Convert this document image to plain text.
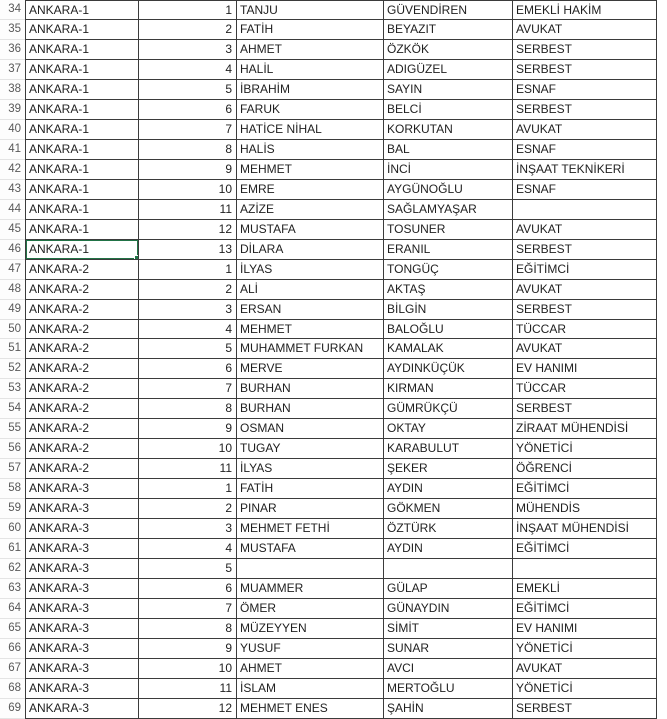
34 ANKARA-1	1 TANJU	GÜVENDİREN	EMEKLİ HAKİM
35 ANKARA-1	2 FATİH	BEYAZIT	AVUKAT
36 ANKARA-1	3 AHMET	ÖZKÖK	SERBEST
37 ANKARA-1	4 HALİL	ADIGÜZEL	SERBEST
38 ANKARA-1	5 İBRAHİM	SAYIN	ESNAF
39 ANKARA-1	6 FARUK	BELCİ	SERBEST
40 ANKARA-1	7 HATİCE NİHAL	KORKUTAN	AVUKAT
41 ANKARA-1	8 HALİS	BAL	ESNAF
42 ANKARA-1	9 MEHMET	İNCİ	İNŞAAT TEKNİKERİ
43 ANKARA-1	10 EMRE	AYGÜNOĞLU	ESNAF
44 ANKARA-1	11 AZİZE	SAĞLAMYAŞAR
45 ANKARA-1	12 MUSTAFA	TOSUNER	AVUKAT
46 ANKARA-1	13 DİLARA	ERANIL	SERBEST
47 ANKARA-2	1 İLYAS	TONGÜÇ	EĞİTİMCİ
48 ANKARA-2	2 ALİ	AKTAŞ	AVUKAT
49 ANKARA-2	3 ERSAN	BİLGİN	SERBEST
50 ANKARA-2	4 MEHMET	BALOĞLU	TÜCCAR
51 ANKARA-2	5 MUHAMMET FURKAN	KAMALAK	AVUKAT
52 ANKARA-2	6 MERVE	AYDINKÜÇÜK	EV HANIMI
53 ANKARA-2	7 BURHAN	KIRMAN	TÜCCAR
54 ANKARA-2	8 BURHAN	GÜMRÜKÇÜ	SERBEST
55 ANKARA-2	9 OSMAN	OKTAY	ZİRAAT MÜHENDİSİ
56 ANKARA-2	10 TUGAY	KARABULUT	YÖNETİCİ
57 ANKARA-2	11 İLYAS	ŞEKER	ÖĞRENCİ
58 ANKARA-3	1 FATİH	AYDIN	EĞİTİMCİ
59 ANKARA-3	2 PINAR	GÖKMEN	MÜHENDİS
60 ANKARA-3	3 MEHMET FETHİ	ÖZTÜRK	İNŞAAT MÜHENDİSİ
61 ANKARA-3	4 MUSTAFA	AYDIN	EĞİTİMCİ
62 ANKARA-3	5
63 ANKARA-3	6 MUAMMER	GÜLAP	EMEKLİ
64 ANKARA-3	7 ÖMER	GÜNAYDIN	EĞİTİMCİ
65 ANKARA-3	8 MÜZEYYEN	SİMİT	EV HANIMI
66 ANKARA-3	9 YUSUF	SUNAR	YÖNETİCİ
67 ANKARA-3	10 AHMET	AVCI	AVUKAT
68 ANKARA-3	11 İSLAM	MERTOĞLU	YÖNETİCİ
69 ANKARA-3	12 MEHMET ENES	ŞAHİN	SERBEST
